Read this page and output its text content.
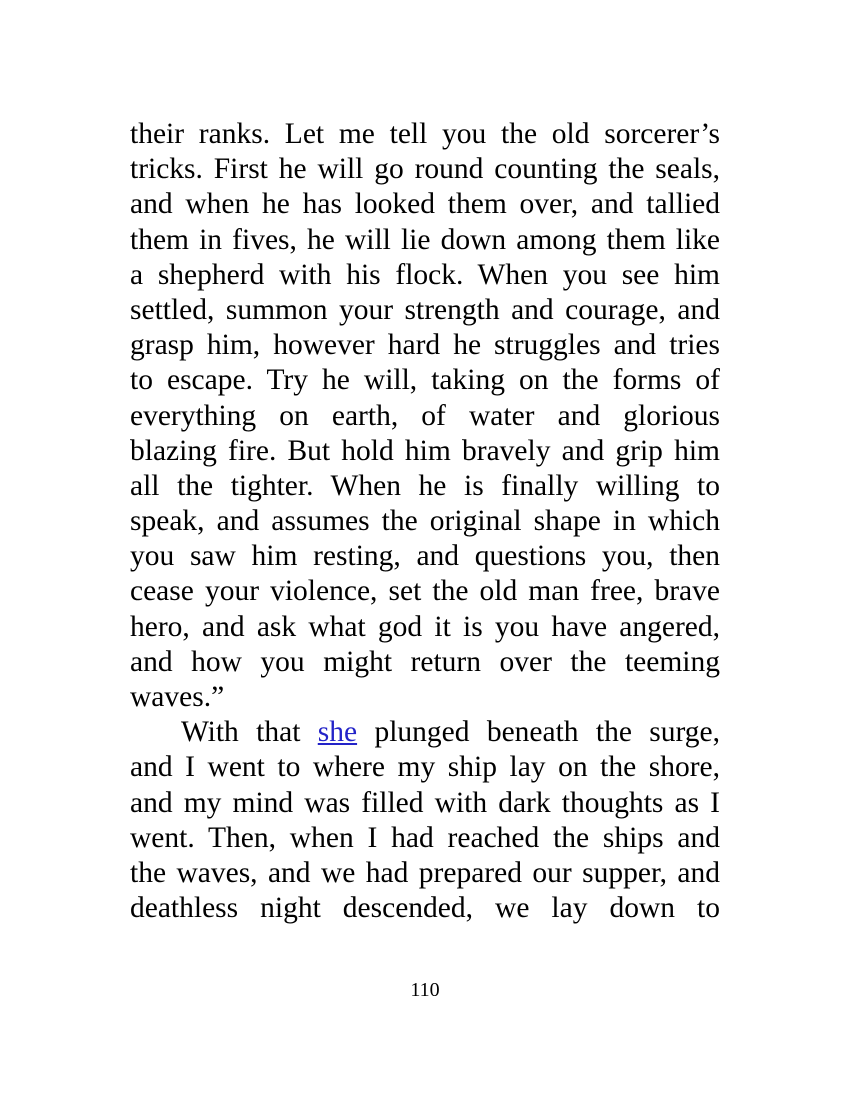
their ranks. Let me tell you the old sorcerer’s
tricks. First he will go round counting the seals,
and when he has looked them over, and tallied
them in fives, he will lie down among them like
a shepherd with his flock. When you see him
settled, summon your strength and courage, and
grasp him, however hard he struggles and tries
to escape. Try he will, taking on the forms of
everything on earth, of water and glorious
blazing fire. But hold him bravely and grip him
all the tighter. When he is finally willing to
speak, and assumes the original shape in which
you saw him resting, and questions you, then
cease your violence, set the old man free, brave
hero, and ask what god it is you have angered,
and how you might return over the teeming
waves.”
With that she plunged beneath the surge,
and I went to where my ship lay on the shore,
and my mind was filled with dark thoughts as I
went. Then, when I had reached the ships and
the waves, and we had prepared our supper, and
deathless night descended, we lay down to
110
